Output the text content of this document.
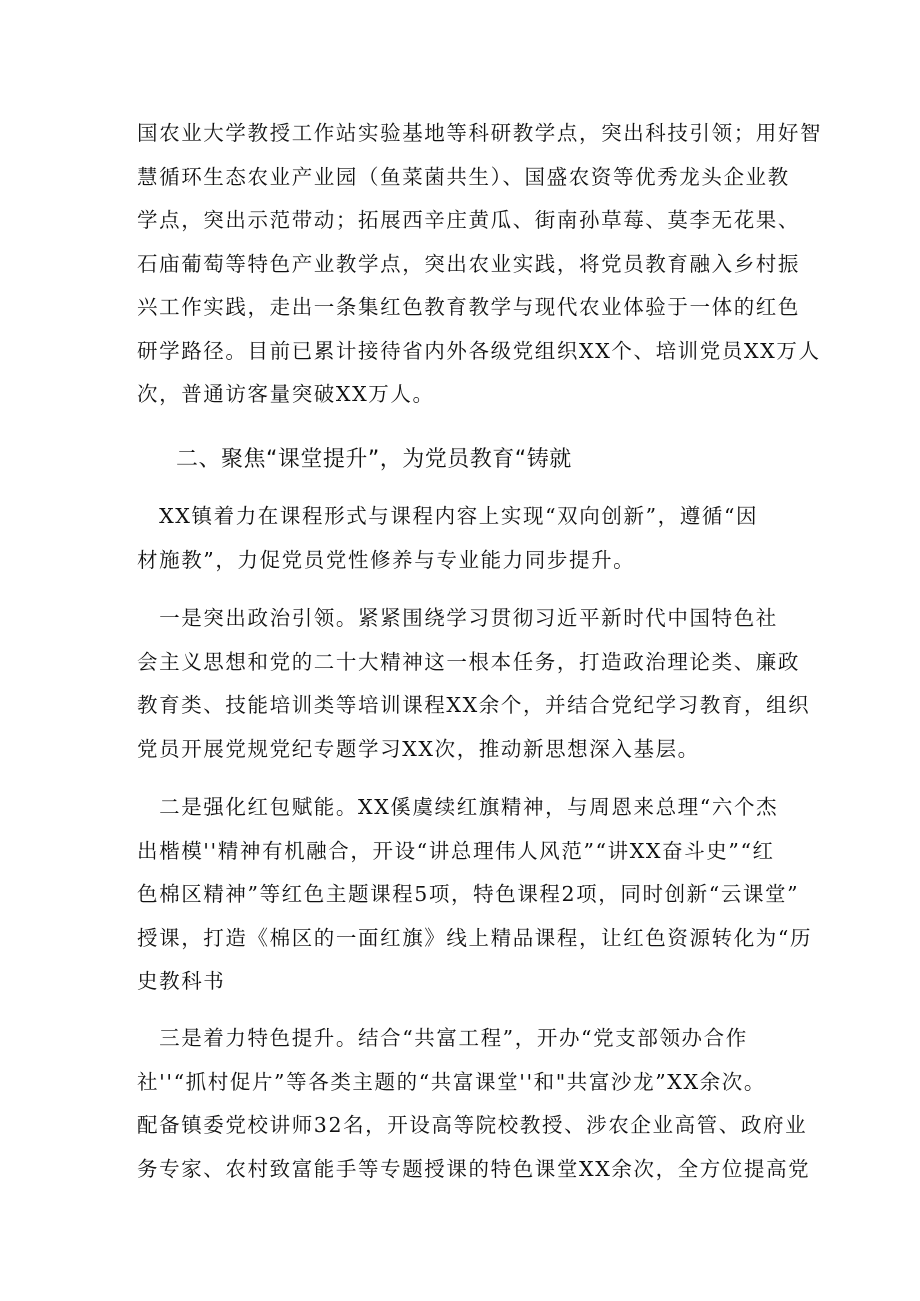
国农业大学教授工作站实验基地等科研教学点，突出科技引领；用好智
慧循环生态农业产业园（鱼菜菌共生）、国盛农资等优秀龙头企业教
学点，突出示范带动；拓展西辛庄黄瓜、街南孙草莓、莫李无花果、
石庙葡萄等特色产业教学点，突出农业实践，将党员教育融入乡村振
兴工作实践，走出一条集红色教育教学与现代农业体验于一体的红色
研学路径。目前已累计接待省内外各级党组织XX个、培训党员XX万人
次，普通访客量突破XX万人。
二、聚焦“课堂提升”，为党员教育“铸就
　XX镇着力在课程形式与课程内容上实现“双向创新”，遵循“因
材施教”，力促党员党性修养与专业能力同步提升。
　一是突出政治引领。紧紧围绕学习贯彻习近平新时代中国特色社
会主义思想和党的二十大精神这一根本任务，打造政治理论类、廉政
教育类、技能培训类等培训课程XX余个，并结合党纪学习教育，组织
党员开展党规党纪专题学习XX次，推动新思想深入基层。
　二是强化红包赋能。XX傒虞续红旗精神，与周恩来总理“六个杰
出楷模''精神有机融合，开设“讲总理伟人风范”“讲XX奋斗史”“红
色棉区精神”等红色主题课程5项，特色课程2项，同时创新“云课堂”
授课，打造《棉区的一面红旗》线上精品课程，让红色资源转化为“历
史教科书
　三是着力特色提升。结合“共富工程”，开办“党支部领办合作
社''“抓村促片”等各类主题的“共富课堂''和"共富沙龙”XX余次。
配备镇委党校讲师32名，开设高等院校教授、涉农企业高管、政府业
务专家、农村致富能手等专题授课的特色课堂XX余次，全方位提高党
